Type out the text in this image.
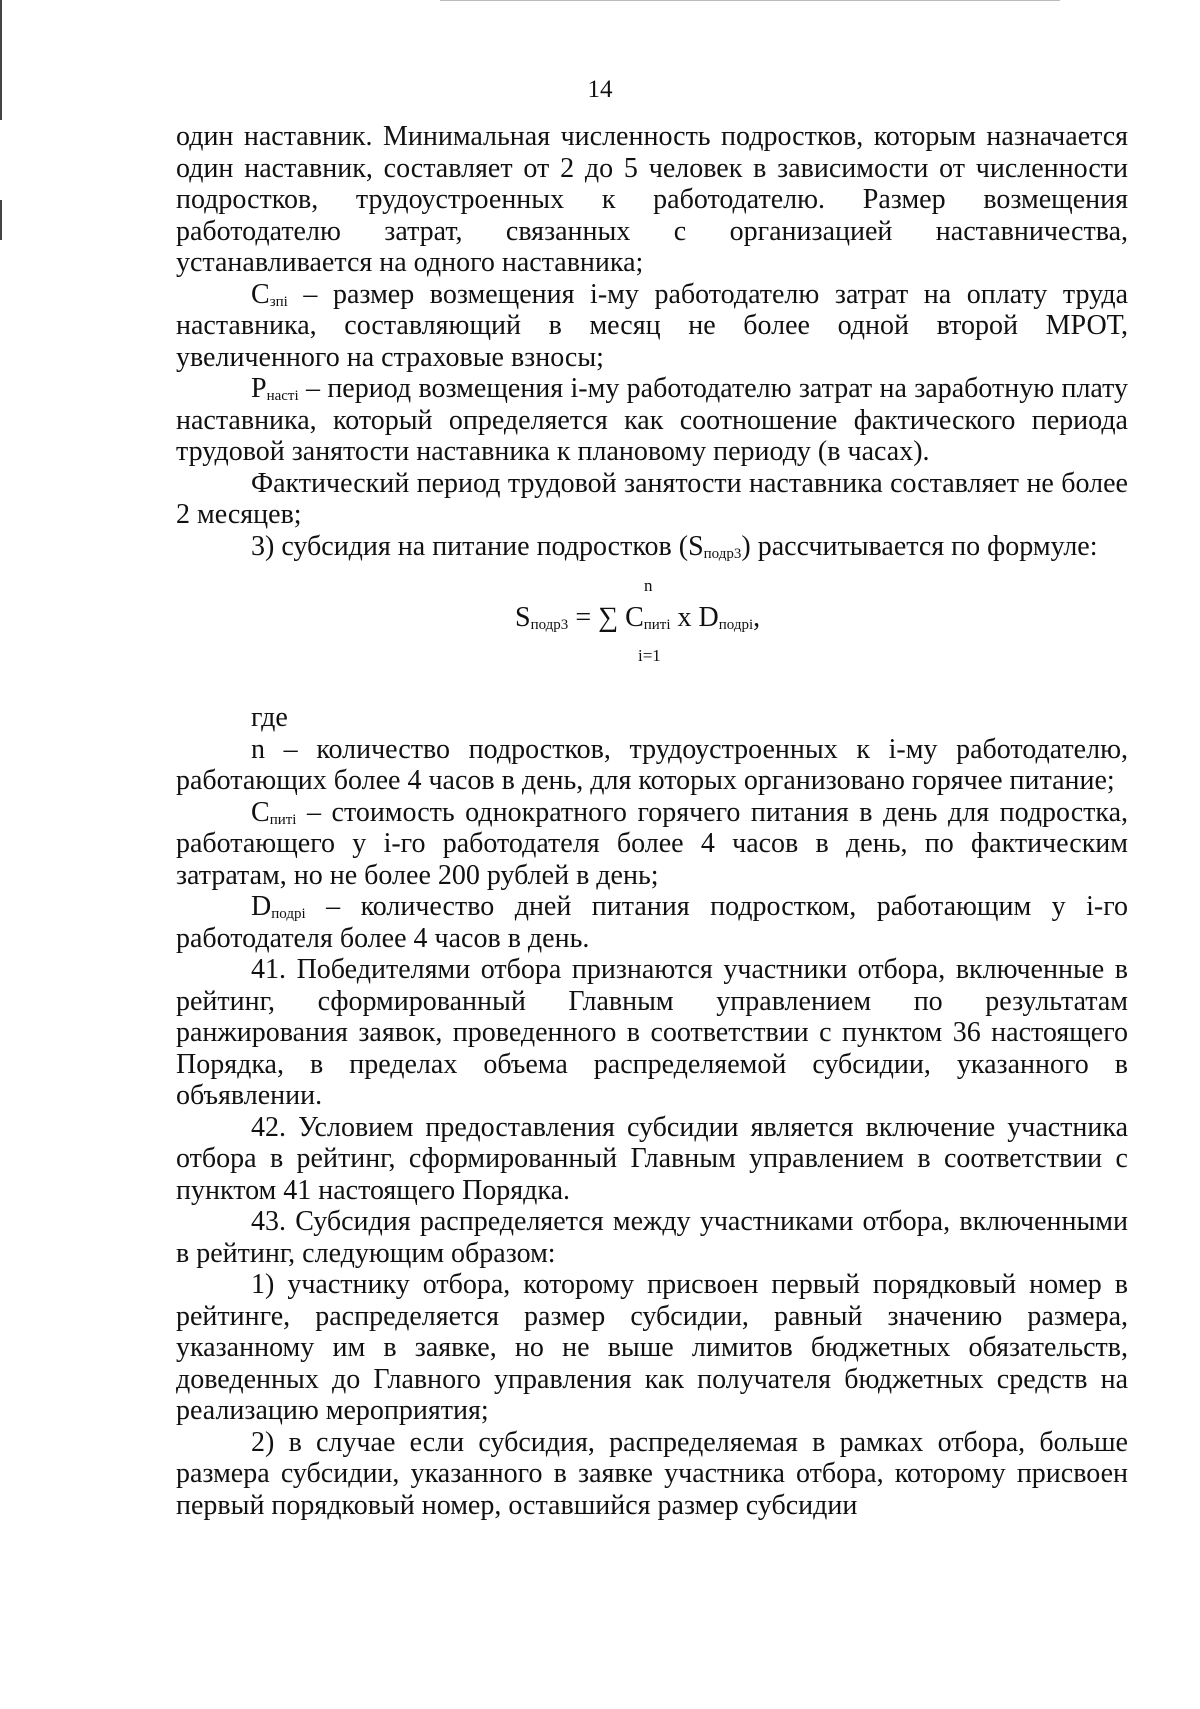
14

один наставник. Минимальная численность подростков, которым назначается один наставник, составляет от 2 до 5 человек в зависимости от численности подростков, трудоустроенных к работодателю. Размер возмещения работодателю затрат, связанных с организацией наставничества, устанавливается на одного наставника;

$C_{зпi}$ – размер возмещения i-му работодателю затрат на оплату труда наставника, составляющий в месяц не более одной второй МРОТ, увеличенного на страховые взносы;

$P_{настi}$ – период возмещения i-му работодателю затрат на заработную плату наставника, который определяется как соотношение фактического периода трудовой занятости наставника к плановому периоду (в часах).

Фактический период трудовой занятости наставника составляет не более 2 месяцев;

3) субсидия на питание подростков $(S_{подр3})$ рассчитывается по формуле:

n
$S_{подр3}$ = ∑ $C_{питi}$ x $D_{подрi}$,
i=1

где

n – количество подростков, трудоустроенных к i-му работодателю, работающих более 4 часов в день, для которых организовано горячее питание;

$C_{питi}$ – стоимость однократного горячего питания в день для подростка, работающего у i-го работодателя более 4 часов в день, по фактическим затратам, но не более 200 рублей в день;

$D_{подрi}$ – количество дней питания подростком, работающим у i-го работодателя более 4 часов в день.

41. Победителями отбора признаются участники отбора, включенные в рейтинг, сформированный Главным управлением по результатам ранжирования заявок, проведенного в соответствии с пунктом 36 настоящего Порядка, в пределах объема распределяемой субсидии, указанного в объявлении.

42. Условием предоставления субсидии является включение участника отбора в рейтинг, сформированный Главным управлением в соответствии с пунктом 41 настоящего Порядка.

43. Субсидия распределяется между участниками отбора, включенными в рейтинг, следующим образом:

1) участнику отбора, которому присвоен первый порядковый номер в рейтинге, распределяется размер субсидии, равный значению размера, указанному им в заявке, но не выше лимитов бюджетных обязательств, доведенных до Главного управления как получателя бюджетных средств на реализацию мероприятия;

2) в случае если субсидия, распределяемая в рамках отбора, больше размера субсидии, указанного в заявке участника отбора, которому присвоен первый порядковый номер, оставшийся размер субсидии
